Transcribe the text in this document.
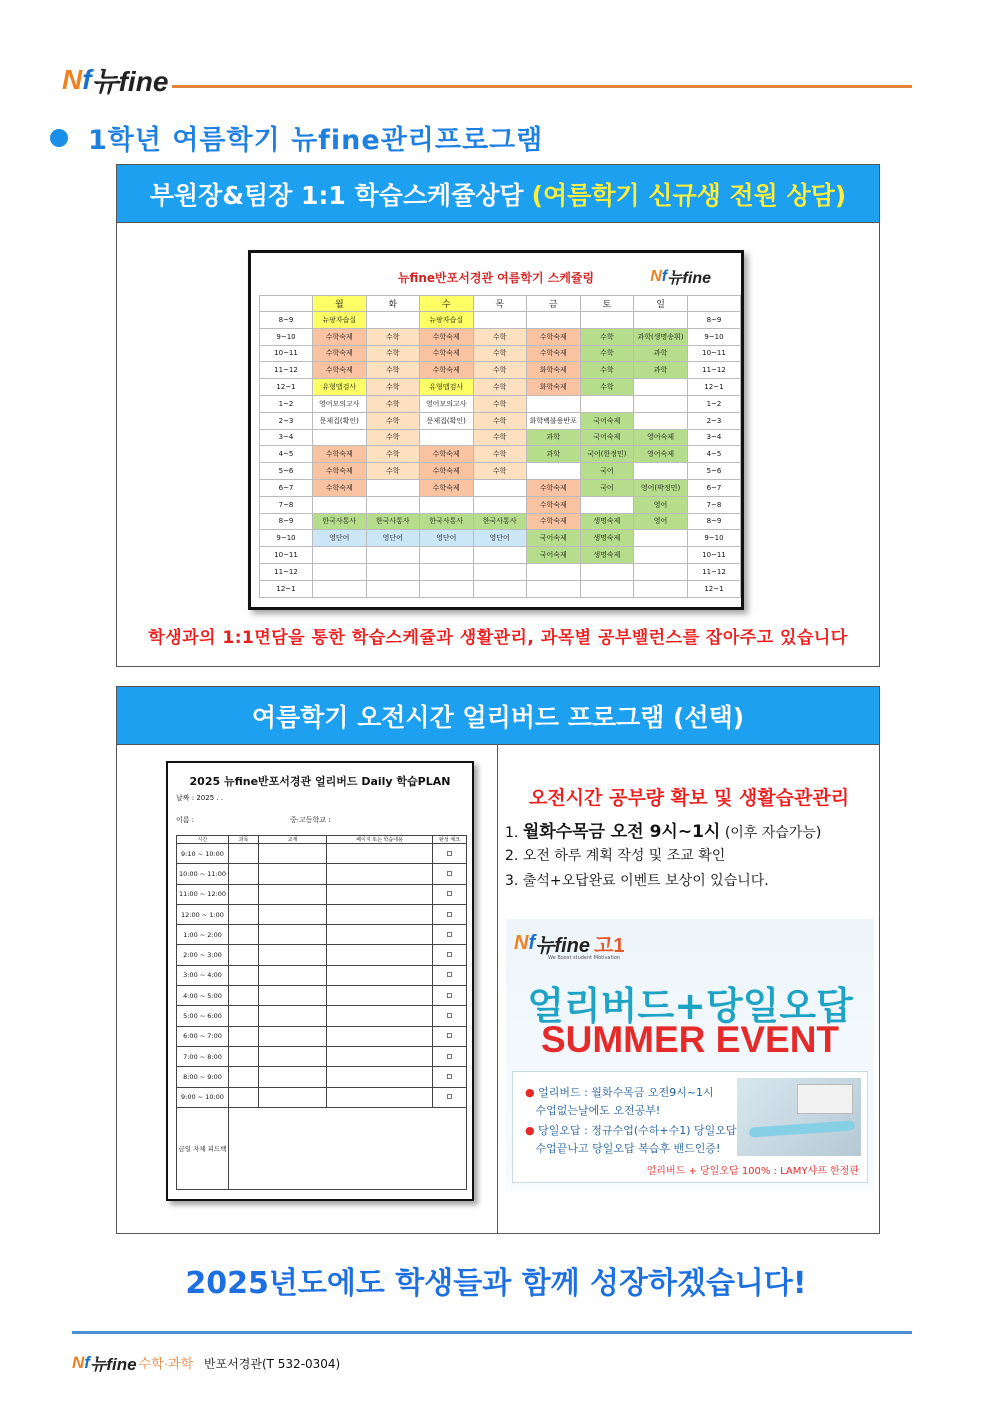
Nf 뉴fine
1학년 여름학기 뉴fine관리프로그램
부원장&팀장 1:1 학습스케쥴상담 (여름학기 신규생 전원 상담)
뉴fine반포서경관 여름학기 스케쥴링	Nf 뉴fine
	월	화	수	목	금	토	일	
8~9	뉴팡자습실		뉴팡자습실					8~9
9~10	수학숙제	수학	수학숙제	수학	수학숙제	수학	과학(생명송휘)	9~10
10~11	수학숙제	수학	수학숙제	수학	수학숙제	수학	과학	10~11
11~12	수학숙제	수학	수학숙제	수학	화학숙제	수학	과학	11~12
12~1	유형맵검사	수학	유형맵검사	수학	화학숙제	수학		12~1
1~2	영어모의고사	수학	영어모의고사	수학				1~2
2~3	문제집(확인)	수학	문제집(확인)	수학	화학백불용반포	국어숙제		2~3
3~4		수학		수학	과학	국어숙제	영어숙제	3~4
4~5	수학숙제	수학	수학숙제	수학	과학	국어(한정민)	영어숙제	4~5
5~6	수학숙제	수학	수학숙제	수학		국어		5~6
6~7	수학숙제		수학숙제		수학숙제	국어	영어(박정민)	6~7
7~8					수학숙제		영어	7~8
8~9	한국사통사	한국사통사	한국사통사	한국사통사	수학숙제	생명숙제	영어	8~9
9~10	영단어	영단어	영단어	영단어	국어숙제	생명숙제		9~10
10~11					국어숙제	생명숙제		10~11
11~12								11~12
12~1								12~1
학생과의 1:1면담을 통한 학습스케쥴과 생활관리, 과목별 공부밸런스를 잡아주고 있습니다
여름학기 오전시간 얼리버드 프로그램 (선택)
2025 뉴fine반포서경관 얼리버드 Daily 학습PLAN
날짜 : 2025 . .
이름 :	중·고등학교 :
시간	과목	교재	페이지 또는 학습내용	완성 체크
9:10 ~ 10:00				
10:00 ~ 11:00				
11:00 ~ 12:00				
12:00 ~ 1:00				
1:00 ~ 2:00				
2:00 ~ 3:00				
3:00 ~ 4:00				
4:00 ~ 5:00				
5:00 ~ 6:00				
6:00 ~ 7:00				
7:00 ~ 8:00				
8:00 ~ 9:00				
9:00 ~ 10:00				
금일 자체 피드백				
오전시간 공부량 확보 및 생활습관관리
1. 월화수목금 오전 9시~1시 (이후 자습가능)
2. 오전 하루 계획 작성 및 조교 확인
3. 출석+오답완료 이벤트 보상이 있습니다.
Nf 뉴fine 고1
We Boost student Motivation
얼리버드+당일오답
SUMMER EVENT
● 얼리버드 : 월화수목금 오전9시~1시
수업없는날에도 오전공부!
● 당일오답 : 정규수업(수하+수1) 당일오답
수업끝나고 당일오답 복습후 밴드인증!
얼리버드 + 당일오답 100% : LAMY샤프 한정판
2025년도에도 학생들과 함께 성장하겠습니다!
Nf 뉴fine 수학·과학 반포서경관(T 532-0304)
